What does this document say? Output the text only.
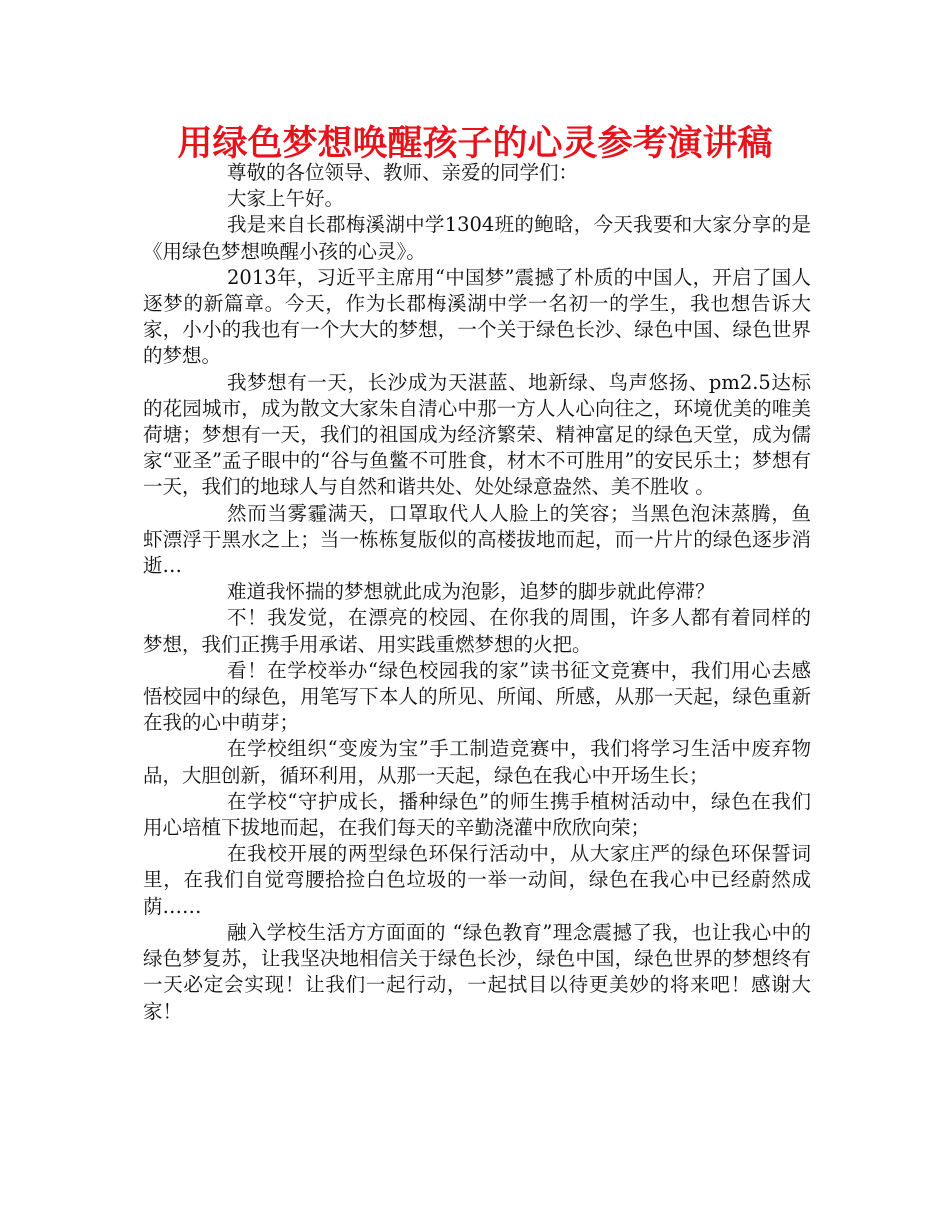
用绿色梦想唤醒孩子的心灵参考演讲稿

尊敬的各位领导、教师、亲爱的同学们：

大家上午好。

我是来自长郡梅溪湖中学1304班的鲍晗，今天我要和大家分享的是《用绿色梦想唤醒小孩的心灵》。

2013年，习近平主席用“中国梦”震撼了朴质的中国人，开启了国人逐梦的新篇章。今天，作为长郡梅溪湖中学一名初一的学生，我也想告诉大家，小小的我也有一个大大的梦想，一个关于绿色长沙、绿色中国、绿色世界的梦想。

我梦想有一天，长沙成为天湛蓝、地新绿、鸟声悠扬、pm2.5达标的花园城市，成为散文大家朱自清心中那一方人人心向往之，环境优美的唯美荷塘；梦想有一天，我们的祖国成为经济繁荣、精神富足的绿色天堂，成为儒家“亚圣”孟子眼中的“谷与鱼鳖不可胜食，材木不可胜用”的安民乐土；梦想有一天，我们的地球人与自然和谐共处、处处绿意盎然、美不胜收 。

然而当雾霾满天，口罩取代人人脸上的笑容；当黑色泡沫蒸腾，鱼虾漂浮于黑水之上；当一栋栋复版似的高楼拔地而起，而一片片的绿色逐步消逝…

难道我怀揣的梦想就此成为泡影，追梦的脚步就此停滞？

不！我发觉，在漂亮的校园、在你我的周围，许多人都有着同样的梦想，我们正携手用承诺、用实践重燃梦想的火把。

看！在学校举办“绿色校园我的家”读书征文竞赛中，我们用心去感悟校园中的绿色，用笔写下本人的所见、所闻、所感，从那一天起，绿色重新在我的心中萌芽；

在学校组织“变废为宝”手工制造竞赛中，我们将学习生活中废弃物品，大胆创新，循环利用，从那一天起，绿色在我心中开场生长；

在学校“守护成长，播种绿色”的师生携手植树活动中，绿色在我们用心培植下拔地而起，在我们每天的辛勤浇灌中欣欣向荣；

在我校开展的两型绿色环保行活动中，从大家庄严的绿色环保誓词里，在我们自觉弯腰拾捡白色垃圾的一举一动间，绿色在我心中已经蔚然成荫……

融入学校生活方方面面的 “绿色教育”理念震撼了我，也让我心中的绿色梦复苏，让我坚决地相信关于绿色长沙，绿色中国，绿色世界的梦想终有一天必定会实现！让我们一起行动，一起拭目以待更美妙的将来吧！感谢大家！
